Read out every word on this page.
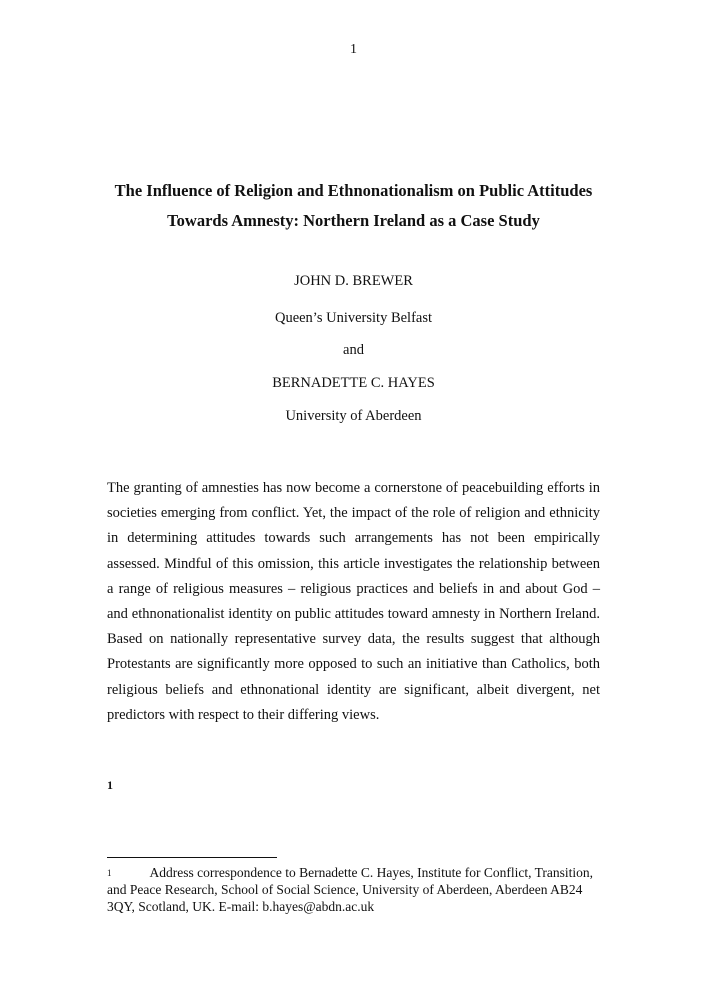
1
The Influence of Religion and Ethnonationalism on Public Attitudes
Towards Amnesty: Northern Ireland as a Case Study
JOHN D. BREWER
Queen’s University Belfast
and
BERNADETTE C. HAYES
University of Aberdeen

The granting of amnesties has now become a cornerstone of peacebuilding efforts in societies emerging from conflict. Yet, the impact of the role of religion and ethnicity in determining attitudes towards such arrangements has not been empirically assessed. Mindful of this omission, this article investigates the relationship between a range of religious measures – religious practices and beliefs in and about God – and ethnonationalist identity on public attitudes toward amnesty in Northern Ireland. Based on nationally representative survey data, the results suggest that although Protestants are significantly more opposed to such an initiative than Catholics, both religious beliefs and ethnonational identity are significant, albeit divergent, net predictors with respect to their differing views.

1

$^1$	Address correspondence to Bernadette C. Hayes, Institute for Conflict, Transition, and Peace Research, School of Social Science, University of Aberdeen, Aberdeen AB24 3QY, Scotland, UK. E-mail: b.hayes@abdn.ac.uk
